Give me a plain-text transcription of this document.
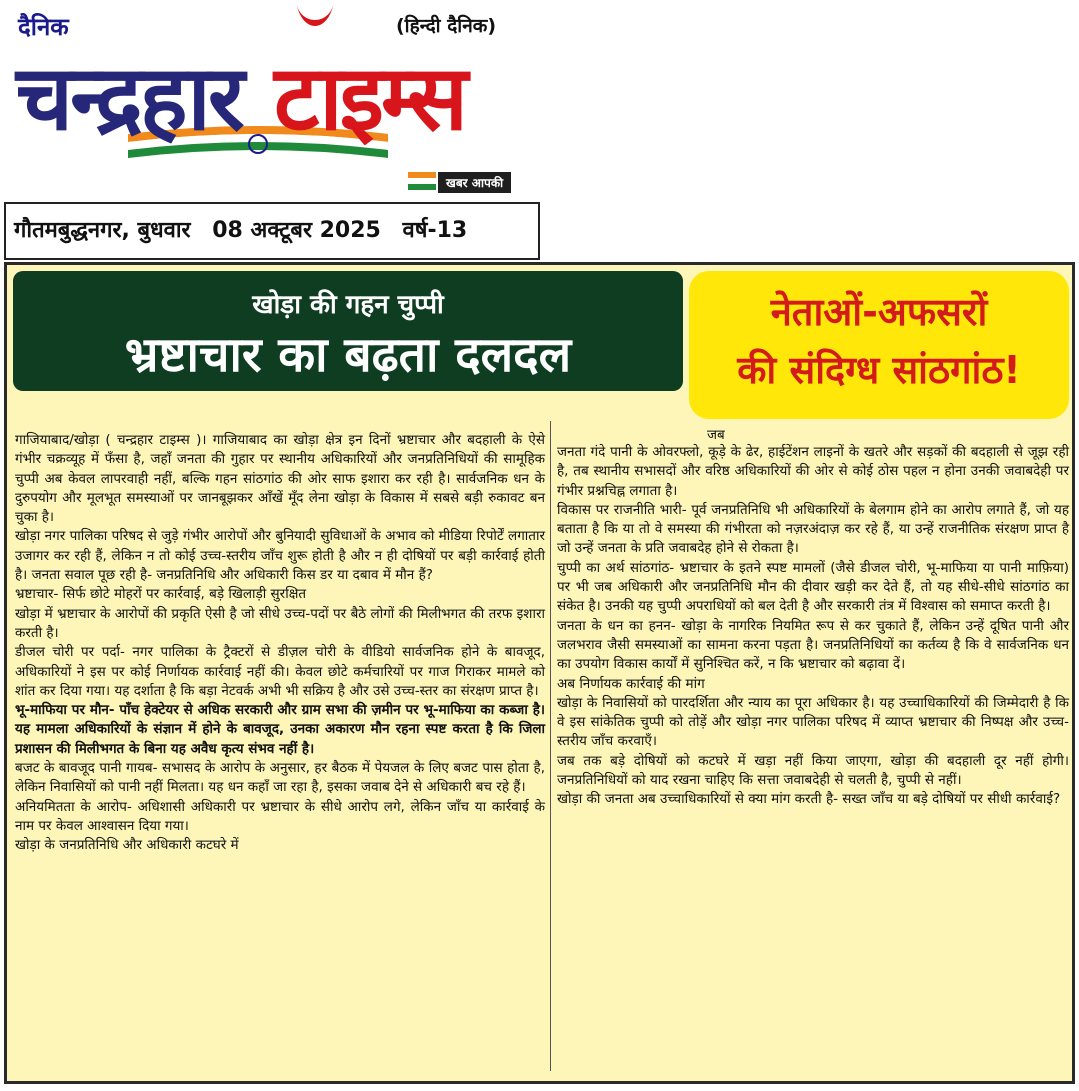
दैनिक	(हिन्दी दैनिक)
चन्द्रहार टाइम्स
खबर आपकी
गौतमबुद्धनगर, बुधवार 08 अक्टूबर 2025 वर्ष-13
खोड़ा की गहन चुप्पी
भ्रष्टाचार का बढ़ता दलदल
नेताओं-अफसरों
की संदिग्ध सांठगांठ!

गाजियाबाद/खोड़ा ( चन्द्रहार टाइम्स )। गाजियाबाद का खोड़ा क्षेत्र इन दिनों भ्रष्टाचार और बदहाली के ऐसे गंभीर चक्रव्यूह में फँसा है, जहाँ जनता की गुहार पर स्थानीय अधिकारियों और जनप्रतिनिधियों की सामूहिक चुप्पी अब केवल लापरवाही नहीं, बल्कि गहन सांठगांठ की ओर साफ इशारा कर रही है। सार्वजनिक धन के दुरुपयोग और मूलभूत समस्याओं पर जानबूझकर आँखें मूँद लेना खोड़ा के विकास में सबसे बड़ी रुकावट बन चुका है।

खोड़ा नगर पालिका परिषद से जुड़े गंभीर आरोपों और बुनियादी सुविधाओं के अभाव को मीडिया रिपोर्टें लगातार उजागर कर रही हैं, लेकिन न तो कोई उच्च-स्तरीय जाँच शुरू होती है और न ही दोषियों पर बड़ी कार्रवाई होती है। जनता सवाल पूछ रही है- जनप्रतिनिधि और अधिकारी किस डर या दबाव में मौन हैं?

भ्रष्टाचार- सिर्फ छोटे मोहरों पर कार्रवाई, बड़े खिलाड़ी सुरक्षित

खोड़ा में भ्रष्टाचार के आरोपों की प्रकृति ऐसी है जो सीधे उच्च-पदों पर बैठे लोगों की मिलीभगत की तरफ इशारा करती है।

डीजल चोरी पर पर्दा- नगर पालिका के ट्रैक्टरों से डीज़ल चोरी के वीडियो सार्वजनिक होने के बावजूद, अधिकारियों ने इस पर कोई निर्णायक कार्रवाई नहीं की। केवल छोटे कर्मचारियों पर गाज गिराकर मामले को शांत कर दिया गया। यह दर्शाता है कि बड़ा नेटवर्क अभी भी सक्रिय है और उसे उच्च-स्तर का संरक्षण प्राप्त है।

भू-माफिया पर मौन- पाँच हेक्टेयर से अधिक सरकारी और ग्राम सभा की ज़मीन पर भू-माफिया का कब्जा है। यह मामला अधिकारियों के संज्ञान में होने के बावजूद, उनका अकारण मौन रहना स्पष्ट करता है कि जिला प्रशासन की मिलीभगत के बिना यह अवैध कृत्य संभव नहीं है।

बजट के बावजूद पानी गायब- सभासद के आरोप के अनुसार, हर बैठक में पेयजल के लिए बजट पास होता है, लेकिन निवासियों को पानी नहीं मिलता। यह धन कहाँ जा रहा है, इसका जवाब देने से अधिकारी बच रहे हैं।

अनियमितता के आरोप- अधिशासी अधिकारी पर भ्रष्टाचार के सीधे आरोप लगे, लेकिन जाँच या कार्रवाई के नाम पर केवल आश्वासन दिया गया।

खोड़ा के जनप्रतिनिधि और अधिकारी कटघरे में

जब

जनता गंदे पानी के ओवरफ्लो, कूड़े के ढेर, हाईटेंशन लाइनों के खतरे और सड़कों की बदहाली से जूझ रही है, तब स्थानीय सभासदों और वरिष्ठ अधिकारियों की ओर से कोई ठोस पहल न होना उनकी जवाबदेही पर गंभीर प्रश्नचिह्न लगाता है।

विकास पर राजनीति भारी- पूर्व जनप्रतिनिधि भी अधिकारियों के बेलगाम होने का आरोप लगाते हैं, जो यह बताता है कि या तो वे समस्या की गंभीरता को नज़रअंदाज़ कर रहे हैं, या उन्हें राजनीतिक संरक्षण प्राप्त है जो उन्हें जनता के प्रति जवाबदेह होने से रोकता है।

चुप्पी का अर्थ सांठगांठ- भ्रष्टाचार के इतने स्पष्ट मामलों (जैसे डीजल चोरी, भू-माफिया या पानी माफ़िया) पर भी जब अधिकारी और जनप्रतिनिधि मौन की दीवार खड़ी कर देते हैं, तो यह सीधे-सीधे सांठगांठ का संकेत है। उनकी यह चुप्पी अपराधियों को बल देती है और सरकारी तंत्र में विश्वास को समाप्त करती है।

जनता के धन का हनन- खोड़ा के नागरिक नियमित रूप से कर चुकाते हैं, लेकिन उन्हें दूषित पानी और जलभराव जैसी समस्याओं का सामना करना पड़ता है। जनप्रतिनिधियों का कर्तव्य है कि वे सार्वजनिक धन का उपयोग विकास कार्यों में सुनिश्चित करें, न कि भ्रष्टाचार को बढ़ावा दें।

अब निर्णायक कार्रवाई की मांग

खोड़ा के निवासियों को पारदर्शिता और न्याय का पूरा अधिकार है। यह उच्चाधिकारियों की जिम्मेदारी है कि वे इस सांकेतिक चुप्पी को तोड़ें और खोड़ा नगर पालिका परिषद में व्याप्त भ्रष्टाचार की निष्पक्ष और उच्च-स्तरीय जाँच करवाएँ।

जब तक बड़े दोषियों को कटघरे में खड़ा नहीं किया जाएगा, खोड़ा की बदहाली दूर नहीं होगी। जनप्रतिनिधियों को याद रखना चाहिए कि सत्ता जवाबदेही से चलती है, चुप्पी से नहीं।

खोड़ा की जनता अब उच्चाधिकारियों से क्या मांग करती है- सख्त जाँच या बड़े दोषियों पर सीधी कार्रवाई?
